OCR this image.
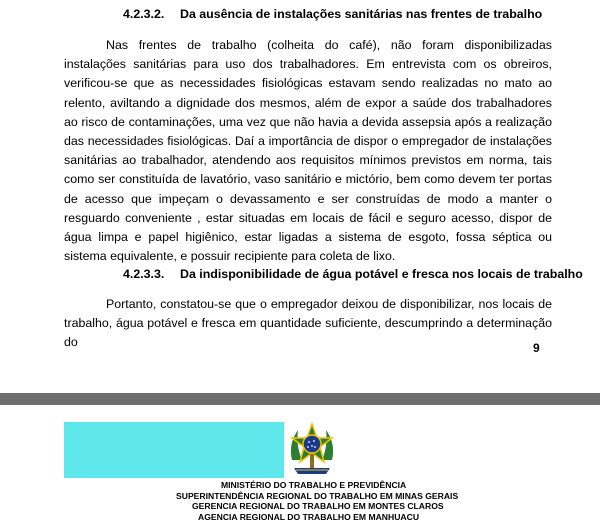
4.2.3.2. Da ausência de instalações sanitárias nas frentes de trabalho

Nas frentes de trabalho (colheita do café), não foram disponibilizadas instalações sanitárias para uso dos trabalhadores. Em entrevista com os obreiros, verificou-se que as necessidades fisiológicas estavam sendo realizadas no mato ao relento, aviltando a dignidade dos mesmos, além de expor a saúde dos trabalhadores ao risco de contaminações, uma vez que não havia a devida assepsia após a realização das necessidades fisiológicas. Daí a importância de dispor o empregador de instalações sanitárias ao trabalhador, atendendo aos requisitos mínimos previstos em norma, tais como ser constituída de lavatório, vaso sanitário e mictório, bem como devem ter portas de acesso que impeçam o devassamento e ser construídas de modo a manter o resguardo conveniente , estar situadas em locais de fácil e seguro acesso, dispor de água limpa e papel higiênico, estar ligadas a sistema de esgoto, fossa séptica ou sistema equivalente, e possuir recipiente para coleta de lixo.

4.2.3.3. Da indisponibilidade de água potável e fresca nos locais de trabalho

Portanto, constatou-se que o empregador deixou de disponibilizar, nos locais de trabalho, água potável e fresca em quantidade suficiente, descumprindo a determinação do	9
MINISTÉRIO DO TRABALHO E PREVIDÊNCIA
SUPERINTENDÊNCIA REGIONAL DO TRABALHO EM MINAS GERAIS
GERENCIA REGIONAL DO TRABALHO EM MONTES CLAROS
AGENCIA REGIONAL DO TRABALHO EM MANHUACU
